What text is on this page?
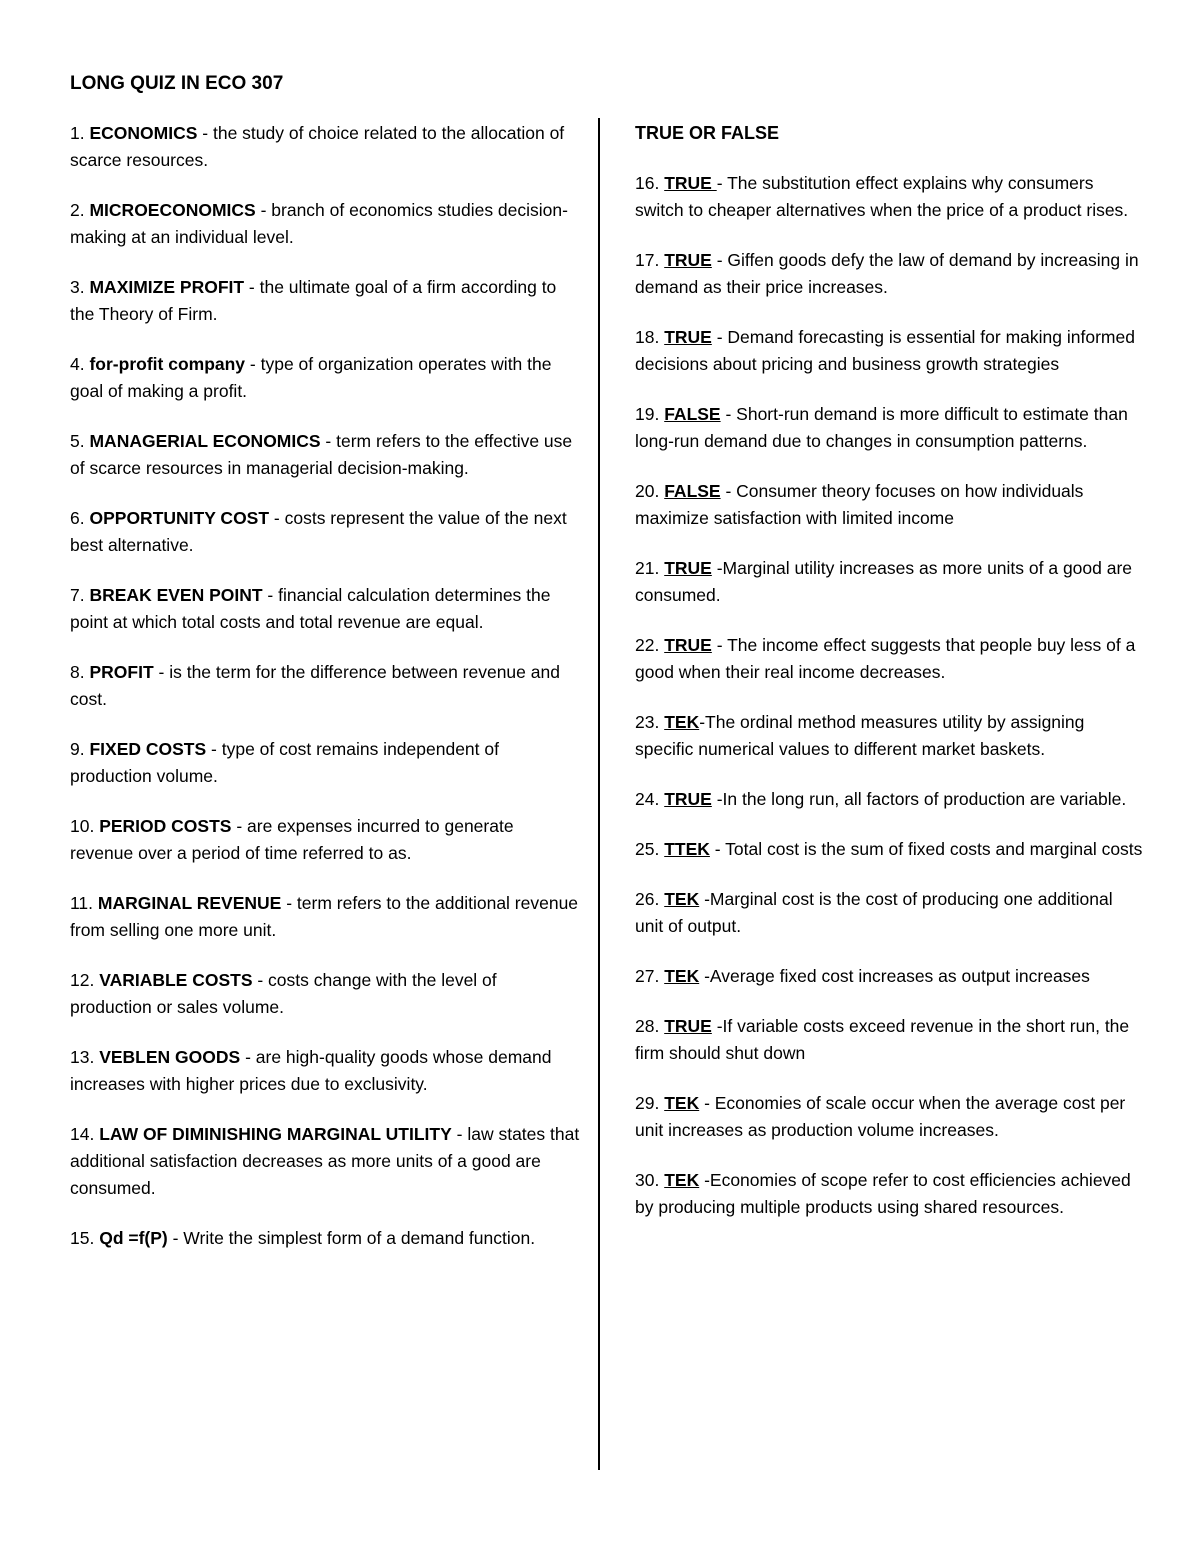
LONG QUIZ IN ECO 307
1. ECONOMICS - the study of choice related to the allocation of scarce resources.
2. MICROECONOMICS - branch of economics studies decision-making at an individual level.
3. MAXIMIZE PROFIT - the ultimate goal of a firm according to the Theory of Firm.
4. for-profit company - type of organization operates with the goal of making a profit.
5. MANAGERIAL ECONOMICS - term refers to the effective use of scarce resources in managerial decision-making.
6. OPPORTUNITY COST - costs represent the value of the next best alternative.
7. BREAK EVEN POINT - financial calculation determines the point at which total costs and total revenue are equal.
8. PROFIT - is the term for the difference between revenue and cost.
9. FIXED COSTS - type of cost remains independent of production volume.
10. PERIOD COSTS - are expenses incurred to generate revenue over a period of time referred to as.
11. MARGINAL REVENUE - term refers to the additional revenue from selling one more unit.
12. VARIABLE COSTS - costs change with the level of production or sales volume.
13. VEBLEN GOODS - are high-quality goods whose demand increases with higher prices due to exclusivity.
14. LAW OF DIMINISHING MARGINAL UTILITY - law states that additional satisfaction decreases as more units of a good are consumed.
15. Qd =f(P) - Write the simplest form of a demand function.
TRUE OR FALSE
16. TRUE - The substitution effect explains why consumers switch to cheaper alternatives when the price of a product rises.
17. TRUE - Giffen goods defy the law of demand by increasing in demand as their price increases.
18. TRUE - Demand forecasting is essential for making informed decisions about pricing and business growth strategies
19. FALSE - Short-run demand is more difficult to estimate than long-run demand due to changes in consumption patterns.
20. FALSE - Consumer theory focuses on how individuals maximize satisfaction with limited income
21. TRUE -Marginal utility increases as more units of a good are consumed.
22. TRUE - The income effect suggests that people buy less of a good when their real income decreases.
23. TEK-The ordinal method measures utility by assigning specific numerical values to different market baskets.
24. TRUE -In the long run, all factors of production are variable.
25. TTEK - Total cost is the sum of fixed costs and marginal costs
26. TEK -Marginal cost is the cost of producing one additional unit of output.
27. TEK -Average fixed cost increases as output increases
28. TRUE -If variable costs exceed revenue in the short run, the firm should shut down
29. TEK - Economies of scale occur when the average cost per unit increases as production volume increases.
30. TEK -Economies of scope refer to cost efficiencies achieved by producing multiple products using shared resources.
